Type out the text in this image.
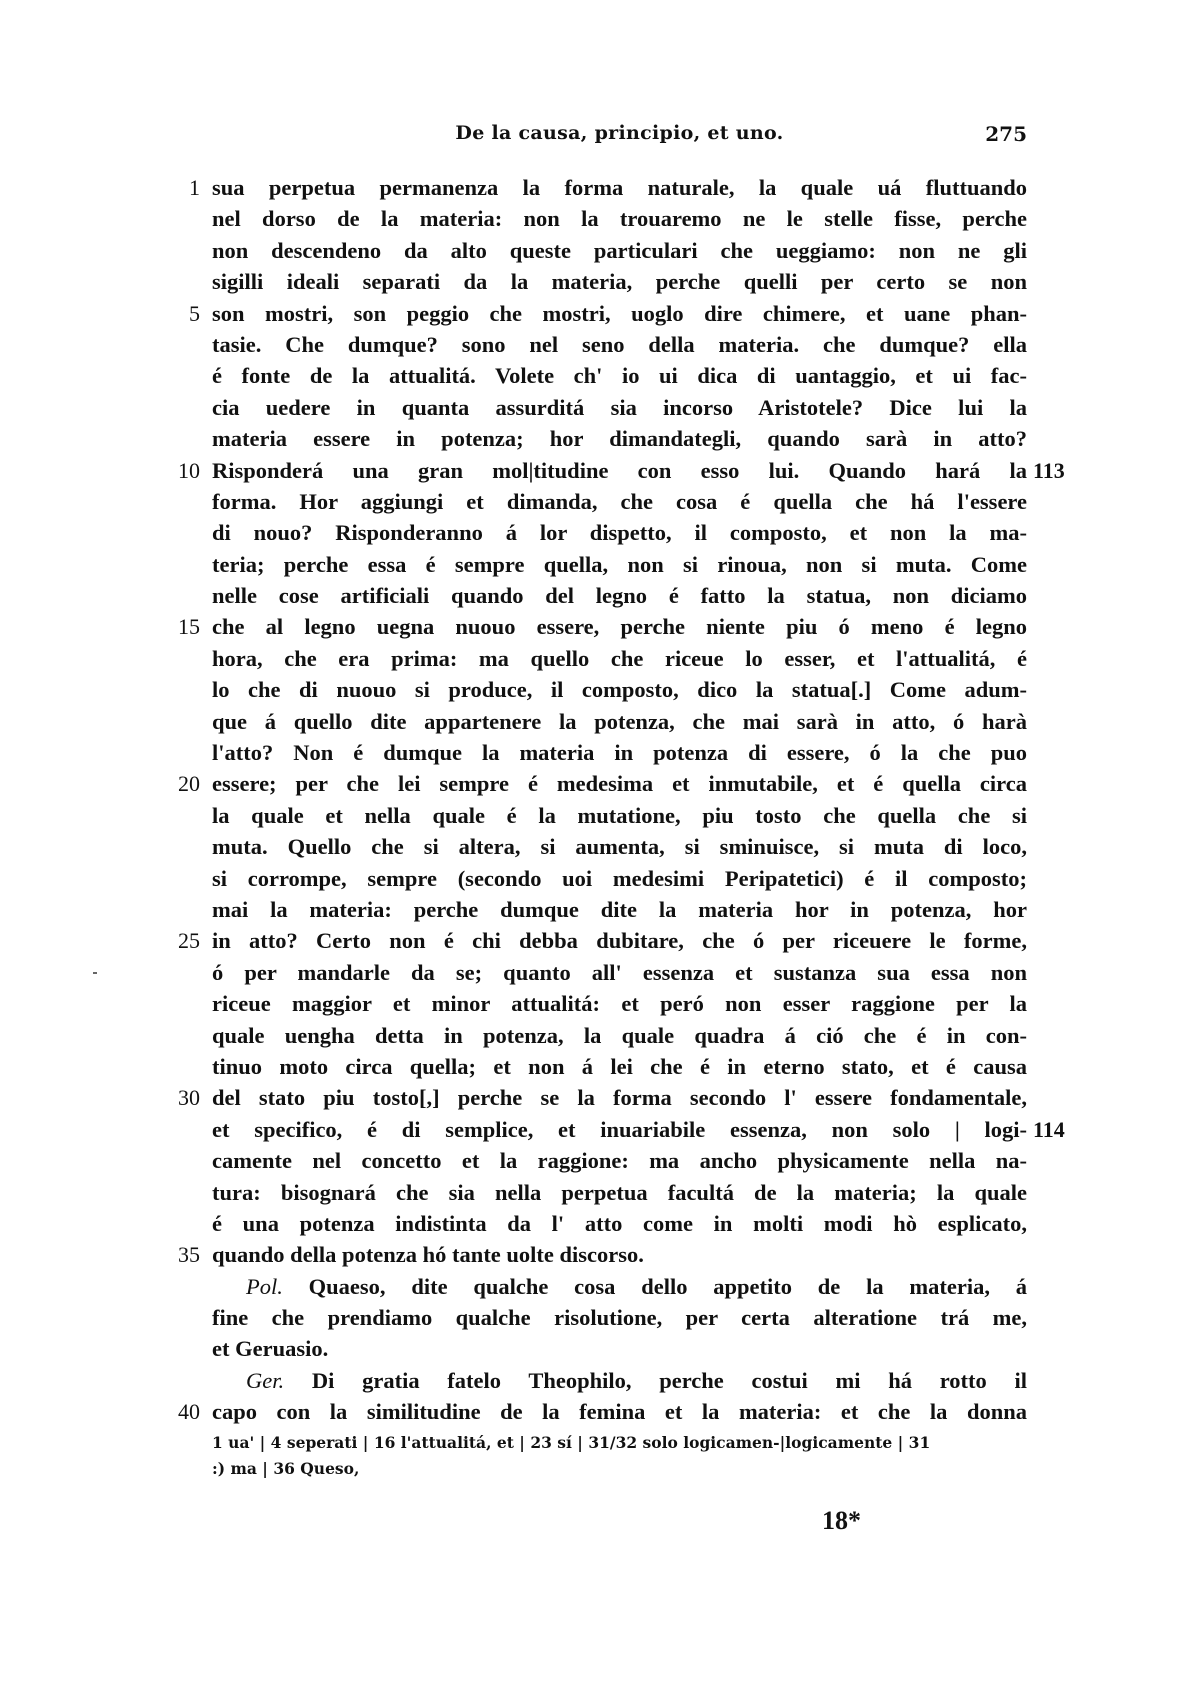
De la causa, principio, et uno.	275
1 sua perpetua permanenza la forma naturale, la quale uá fluttuando
nel dorso de la materia: non la trouaremo ne le stelle fisse, perche
non descendeno da alto queste particulari che ueggiamo: non ne gli
sigilli ideali separati da la materia, perche quelli per certo se non
5 son mostri, son peggio che mostri, uoglo dire chimere, et uane phan-
tasie. Che dumque? sono nel seno della materia. che dumque? ella
é fonte de la attualitá. Volete ch' io ui dica di uantaggio, et ui fac-
cia uedere in quanta assurditá sia incorso Aristotele? Dice lui la
materia essere in potenza; hor dimandategli, quando sarà in atto?
10 Risponderá una gran mol|titudine con esso lui. Quando hará la 113
forma. Hor aggiungi et dimanda, che cosa é quella che há l'essere
di nouo? Risponderanno á lor dispetto, il composto, et non la ma-
teria; perche essa é sempre quella, non si rinoua, non si muta. Come
nelle cose artificiali quando del legno é fatto la statua, non diciamo
15 che al legno uegna nuouo essere, perche niente piu ó meno é legno
hora, che era prima: ma quello che riceue lo esser, et l'attualitá, é
lo che di nuouo si produce, il composto, dico la statua[.] Come adum-
que á quello dite appartenere la potenza, che mai sarà in atto, ó harà
l'atto? Non é dumque la materia in potenza di essere, ó la che puo
20 essere; per che lei sempre é medesima et inmutabile, et é quella circa
la quale et nella quale é la mutatione, piu tosto che quella che si
muta. Quello che si altera, si aumenta, si sminuisce, si muta di loco,
si corrompe, sempre (secondo uoi medesimi Peripatetici) é il composto;
mai la materia: perche dumque dite la materia hor in potenza, hor
25 in atto? Certo non é chi debba dubitare, che ó per riceuere le forme,
ó per mandarle da se; quanto all' essenza et sustanza sua essa non
riceue maggior et minor attualitá: et peró non esser raggione per la
quale uengha detta in potenza, la quale quadra á ció che é in con-
tinuo moto circa quella; et non á lei che é in eterno stato, et é causa
30 del stato piu tosto[,] perche se la forma secondo l' essere fondamentale,
et specifico, é di semplice, et inuariabile essenza, non solo | logi- 114
camente nel concetto et la raggione: ma ancho physicamente nella na-
tura: bisognará che sia nella perpetua facultá de la materia; la quale
é una potenza indistinta da l' atto come in molti modi hò esplicato,
35 quando della potenza hó tante uolte discorso.
Pol. Quaeso, dite qualche cosa dello appetito de la materia, á
fine che prendiamo qualche risolutione, per certa alteratione trá me,
et Geruasio.
Ger. Di gratia fatelo Theophilo, perche costui mi há rotto il
40 capo con la similitudine de la femina et la materia: et che la donna
1 ua' | 4 seperati | 16 l'attualitá, et | 23 sí | 31/32 solo logicamen-|logicamente | 31
:) ma | 36 Queso,
18*
